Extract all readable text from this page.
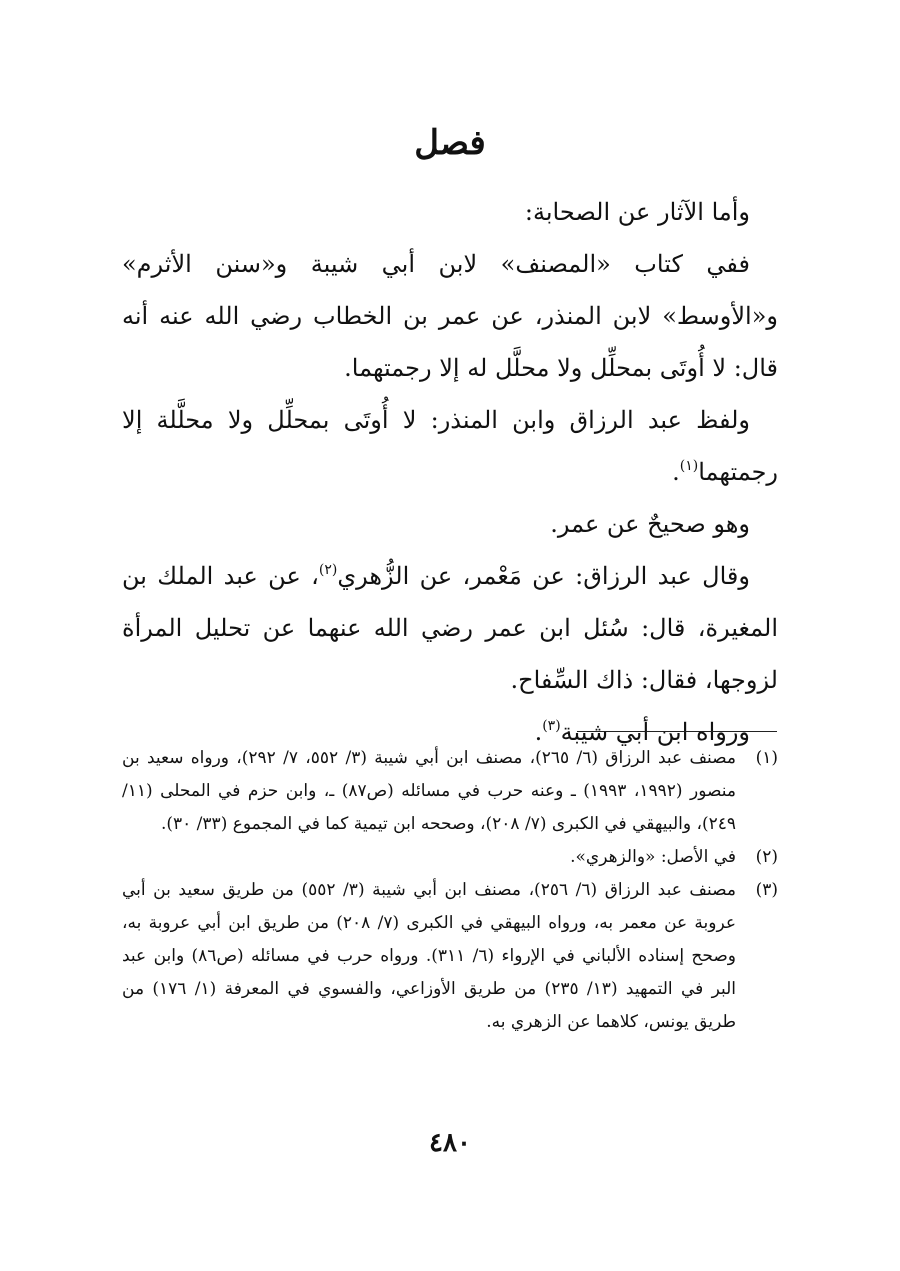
فصل

وأما الآثار عن الصحابة:

ففي كتاب «المصنف» لابن أبي شيبة و«سنن الأثرم» و«الأوسط» لابن المنذر، عن عمر بن الخطاب رضي الله عنه أنه قال: لا أُوتَى بمحلِّل ولا محلَّل له إلا رجمتهما.

ولفظ عبد الرزاق وابن المنذر: لا أُوتَى بمحلِّل ولا محلَّلة إلا رجمتهما$^{(١)}$.

وهو صحيحٌ عن عمر.

وقال عبد الرزاق: عن مَعْمر، عن الزُّهري$^{(٢)}$، عن عبد الملك بن المغيرة، قال: سُئل ابن عمر رضي الله عنهما عن تحليل المرأة لزوجها، فقال: ذاك السِّفاح.

ورواه ابن أبي شيبة$^{(٣)}$.

(١)
مصنف عبد الرزاق (٦/ ٢٦٥)، مصنف ابن أبي شيبة (٣/ ٥٥٢، ٧/ ٢٩٢)، ورواه سعيد بن منصور (١٩٩٢، ١٩٩٣) ـ وعنه حرب في مسائله (ص٨٧) ـ، وابن حزم في المحلى (١١/ ٢٤٩)، والبيهقي في الكبرى (٧/ ٢٠٨)، وصححه ابن تيمية كما في المجموع (٣٣/ ٣٠).
(٢)
في الأصل: «والزهري».
(٣)
مصنف عبد الرزاق (٦/ ٢٥٦)، مصنف ابن أبي شيبة (٣/ ٥٥٢) من طريق سعيد بن أبي عروبة عن معمر به، ورواه البيهقي في الكبرى (٧/ ٢٠٨) من طريق ابن أبي عروبة به، وصحح إسناده الألباني في الإرواء (٦/ ٣١١). ورواه حرب في مسائله (ص٨٦) وابن عبد البر في التمهيد (١٣/ ٢٣٥) من طريق الأوزاعي، والفسوي في المعرفة (١/ ١٧٦) من طريق يونس، كلاهما عن الزهري به.
٤٨٠
